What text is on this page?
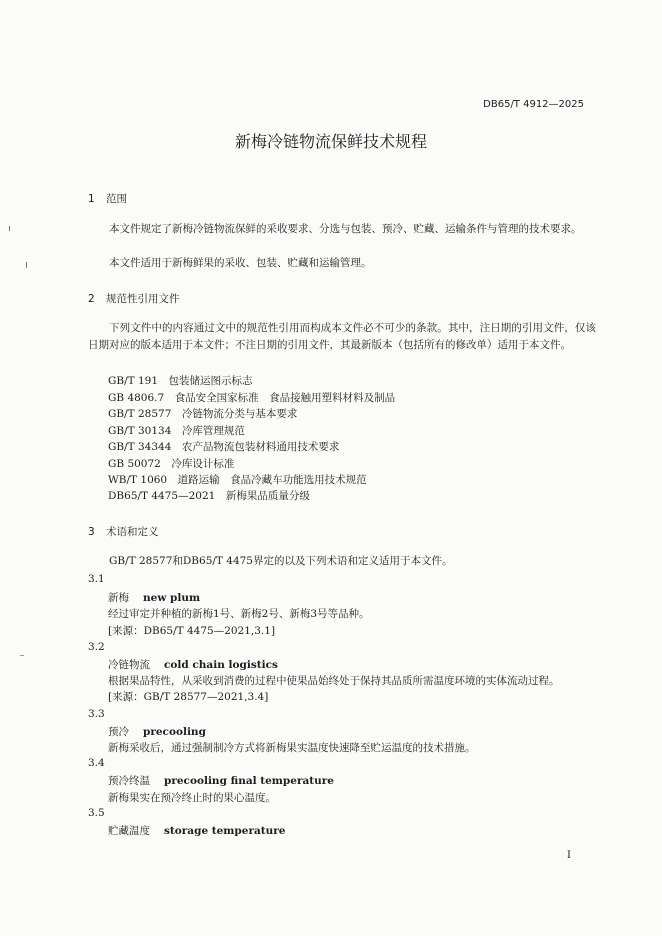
DB65/T 4912—2025
新梅冷链物流保鲜技术规程
1 范围
本文件规定了新梅冷链物流保鲜的采收要求、分选与包装、预冷、贮藏、运输条件与管理的技术要求。
本文件适用于新梅鲜果的采收、包装、贮藏和运输管理。
2 规范性引用文件
下列文件中的内容通过文中的规范性引用而构成本文件必不可少的条款。其中，注日期的引用文件，仅该日期对应的版本适用于本文件；不注日期的引用文件，其最新版本（包括所有的修改单）适用于本文件。
GB/T 191　 包装储运图示标志
GB 4806.7　 食品安全国家标准　食品接触用塑料材料及制品
GB/T 28577　 冷链物流分类与基本要求
GB/T 30134　 冷库管理规范
GB/T 34344　 农产品物流包装材料通用技术要求
GB 50072　 冷库设计标准
WB/T 1060　 道路运输　食品冷藏车功能选用技术规范
DB65/T 4475—2021　 新梅果品质量分级
3 术语和定义
GB/T 28577和DB65/T 4475界定的以及下列术语和定义适用于本文件。
3.1
新梅 new plum
经过审定并种植的新梅1号、新梅2号、新梅3号等品种。
[来源：DB65/T 4475—2021,3.1]
3.2
冷链物流 cold chain logistics
根据果品特性，从采收到消费的过程中使果品始终处于保持其品质所需温度环境的实体流动过程。
[来源：GB/T 28577—2021,3.4]
3.3
预冷 precooling
新梅采收后，通过强制制冷方式将新梅果实温度快速降至贮运温度的技术措施。
3.4
预冷终温 precooling final temperature
新梅果实在预冷终止时的果心温度。
3.5
贮藏温度 storage temperature
I
